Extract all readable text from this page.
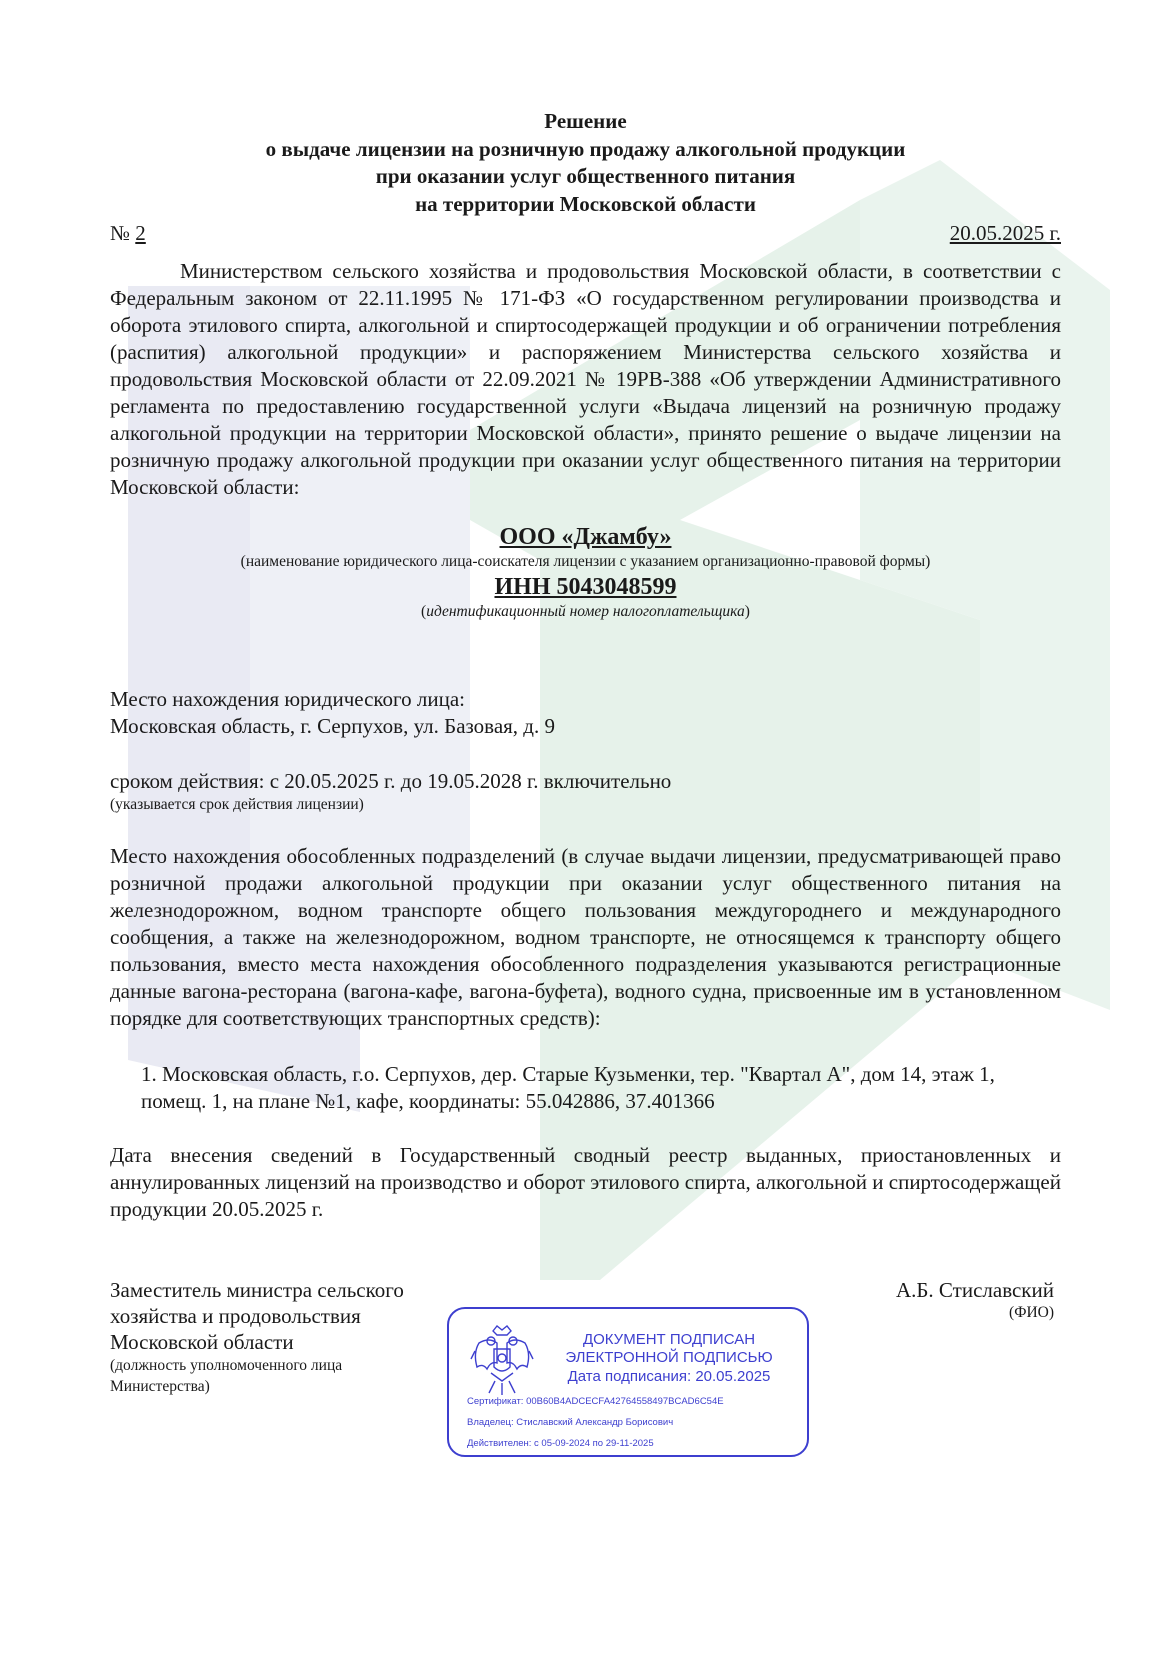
Решение
о выдаче лицензии на розничную продажу алкогольной продукции
при оказании услуг общественного питания
на территории Московской области
№ 2	20.05.2025 г.
Министерством сельского хозяйства и продовольствия Московской области, в соответствии с Федеральным законом от 22.11.1995 № 171-ФЗ «О государственном регулировании производства и оборота этилового спирта, алкогольной и спиртосодержащей продукции и об ограничении потребления (распития) алкогольной продукции» и распоряжением Министерства сельского хозяйства и продовольствия Московской области от 22.09.2021 № 19РВ-388 «Об утверждении Административного регламента по предоставлению государственной услуги «Выдача лицензий на розничную продажу алкогольной продукции на территории Московской области», принято решение о выдаче лицензии на розничную продажу алкогольной продукции при оказании услуг общественного питания на территории Московской области:
ООО «Джамбу»
(наименование юридического лица-соискателя лицензии с указанием организационно-правовой формы)
ИНН 5043048599
(идентификационный номер налогоплательщика)
Место нахождения юридического лица:
Московская область, г. Серпухов, ул. Базовая, д. 9
сроком действия: с 20.05.2025 г. до 19.05.2028 г. включительно
(указывается срок действия лицензии)
Место нахождения обособленных подразделений (в случае выдачи лицензии, предусматривающей право розничной продажи алкогольной продукции при оказании услуг общественного питания на железнодорожном, водном транспорте общего пользования междугороднего и международного сообщения, а также на железнодорожном, водном транспорте, не относящемся к транспорту общего пользования, вместо места нахождения обособленного подразделения указываются регистрационные данные вагона-ресторана (вагона-кафе, вагона-буфета), водного судна, присвоенные им в установленном порядке для соответствующих транспортных средств):
1. Московская область, г.о. Серпухов, дер. Старые Кузьменки, тер. "Квартал А", дом 14, этаж 1, помещ. 1, на плане №1, кафе, координаты: 55.042886, 37.401366
Дата внесения сведений в Государственный сводный реестр выданных, приостановленных и аннулированных лицензий на производство и оборот этилового спирта, алкогольной и спиртосодержащей продукции 20.05.2025 г.
Заместитель министра сельского
хозяйства и продовольствия
Московской области
(должность уполномоченного лица
Министерства)
А.Б. Стиславский
(ФИО)
ДОКУМЕНТ ПОДПИСАН
ЭЛЕКТРОННОЙ ПОДПИСЬЮ
Дата подписания: 20.05.2025
Сертификат: 00B60B4ADCECFA42764558497BCAD6C54E
Владелец: Стиславский Александр Борисович
Действителен: с 05-09-2024 по 29-11-2025
